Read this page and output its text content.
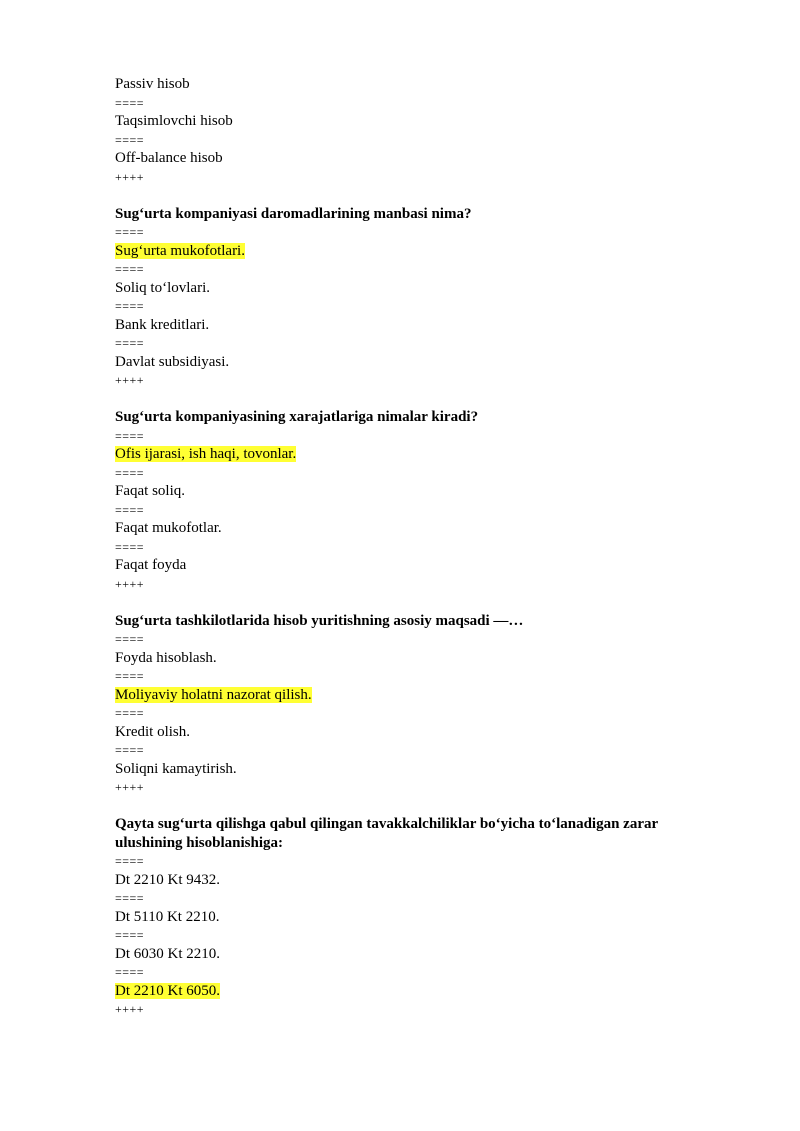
Passiv hisob
====
Taqsimlovchi hisob
====
Off-balance hisob
++++
Sug‘urta kompaniyasi daromadlarining manbasi nima?
====
Sug‘urta mukofotlari.
====
Soliq to‘lovlari.
====
Bank kreditlari.
====
Davlat subsidiyasi.
++++
Sug‘urta kompaniyasining xarajatlariga nimalar kiradi?
====
Ofis ijarasi, ish haqi, tovonlar.
====
Faqat soliq.
====
Faqat mukofotlar.
====
Faqat foyda
++++
Sug‘urta tashkilotlarida hisob yuritishning asosiy maqsadi —…
====
Foyda hisoblash.
====
Moliyaviy holatni nazorat qilish.
====
Kredit olish.
====
Soliqni kamaytirish.
++++
Qayta sug‘urta qilishga qabul qilingan tavakkalchiliklar bo‘yicha to‘lanadigan zarar ulushining hisoblanishiga:
====
Dt 2210 Kt 9432.
====
Dt 5110 Kt 2210.
====
Dt 6030 Kt 2210.
====
Dt 2210 Kt 6050.
++++
